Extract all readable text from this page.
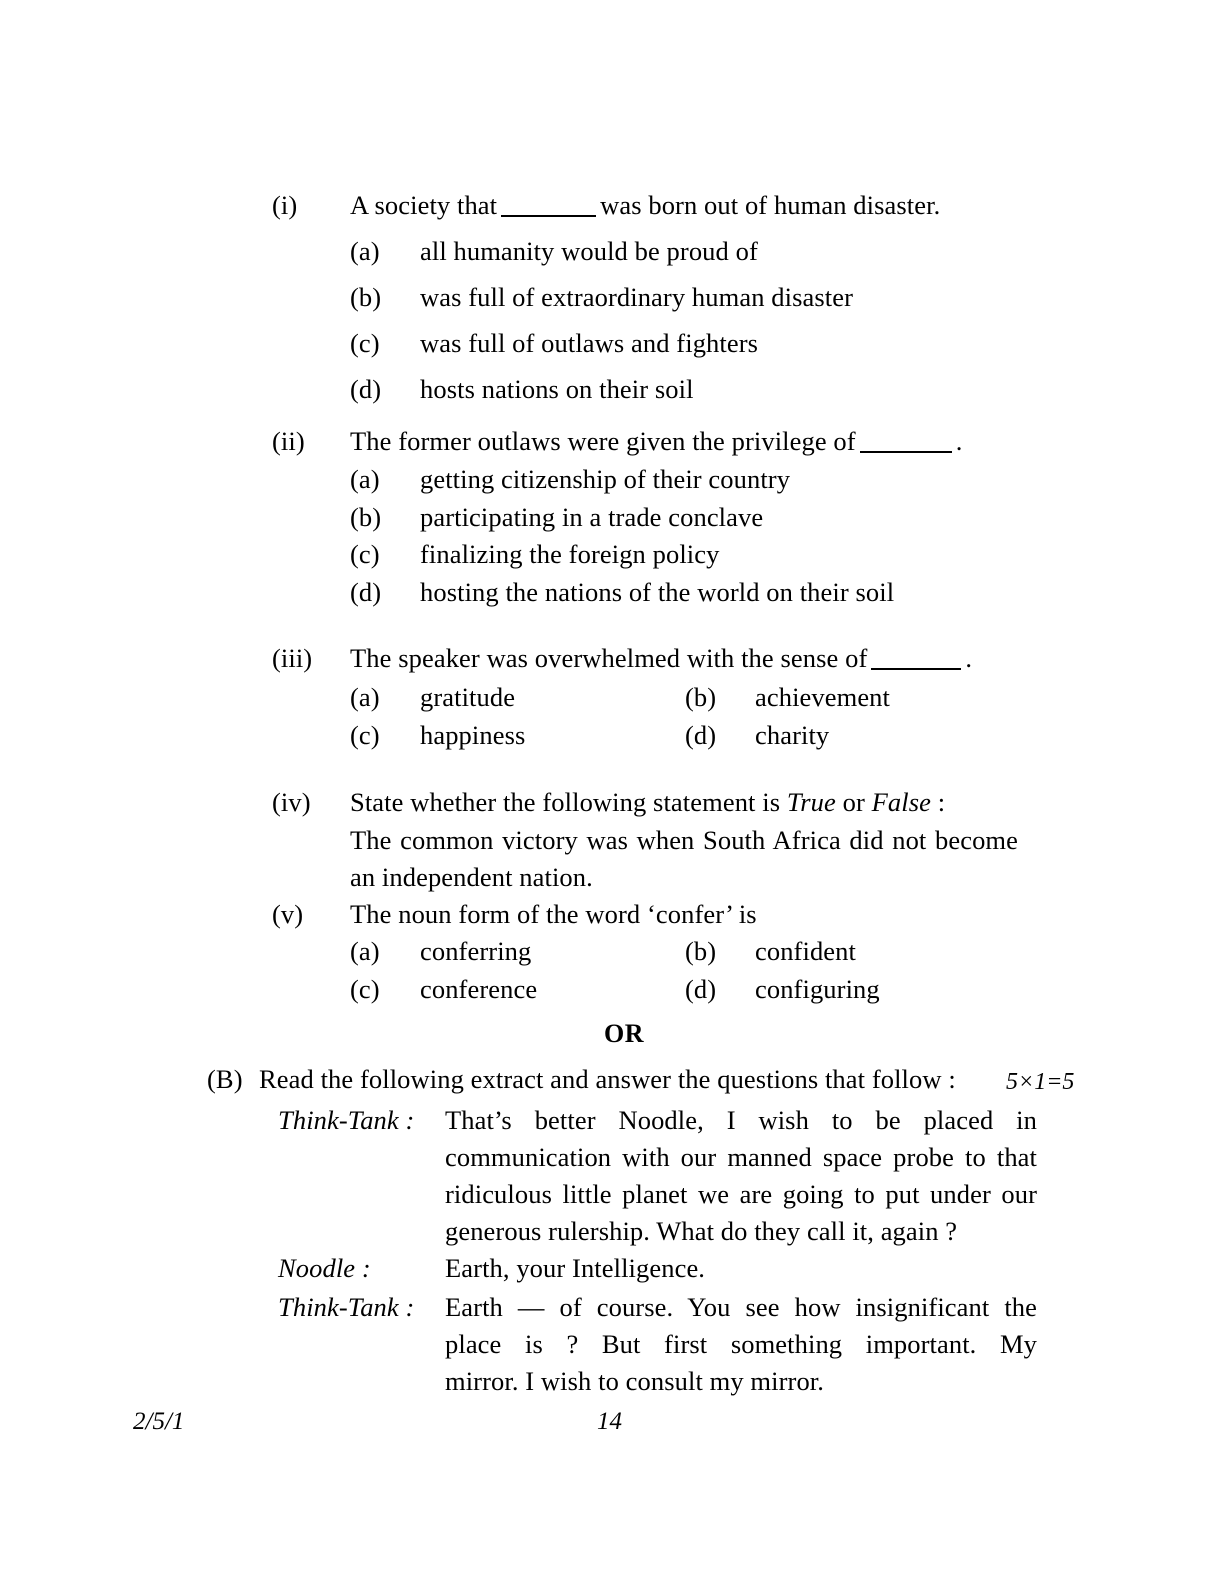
(i)	A society that	was born out of human disaster.
(a)	all humanity would be proud of
(b)	was full of extraordinary human disaster
(c)	was full of outlaws and fighters
(d)	hosts nations on their soil
(ii)	The former outlaws were given the privilege of	.
(a)	getting citizenship of their country
(b)	participating in a trade conclave
(c)	finalizing the foreign policy
(d)	hosting the nations of the world on their soil
(iii)	The speaker was overwhelmed with the sense of	.
(a)	gratitude	(b)	achievement
(c)	happiness	(d)	charity
(iv)	State whether the following statement is True or False :
The common victory was when South Africa did not become
an independent nation.
(v)	The noun form of the word ‘confer’ is
(a)	conferring	(b)	confident
(c)	conference	(d)	configuring
OR
(B) Read the following extract and answer the questions that follow : 5×1=5
Think-Tank : That’s better Noodle, I wish to be placed in
communication with our manned space probe to that
ridiculous little planet we are going to put under our
generous rulership. What do they call it, again ?
Noodle :	Earth, your Intelligence.
Think-Tank : Earth — of course. You see how insignificant the
place is ? But first something important. My
mirror. I wish to consult my mirror.
2/5/1	14
